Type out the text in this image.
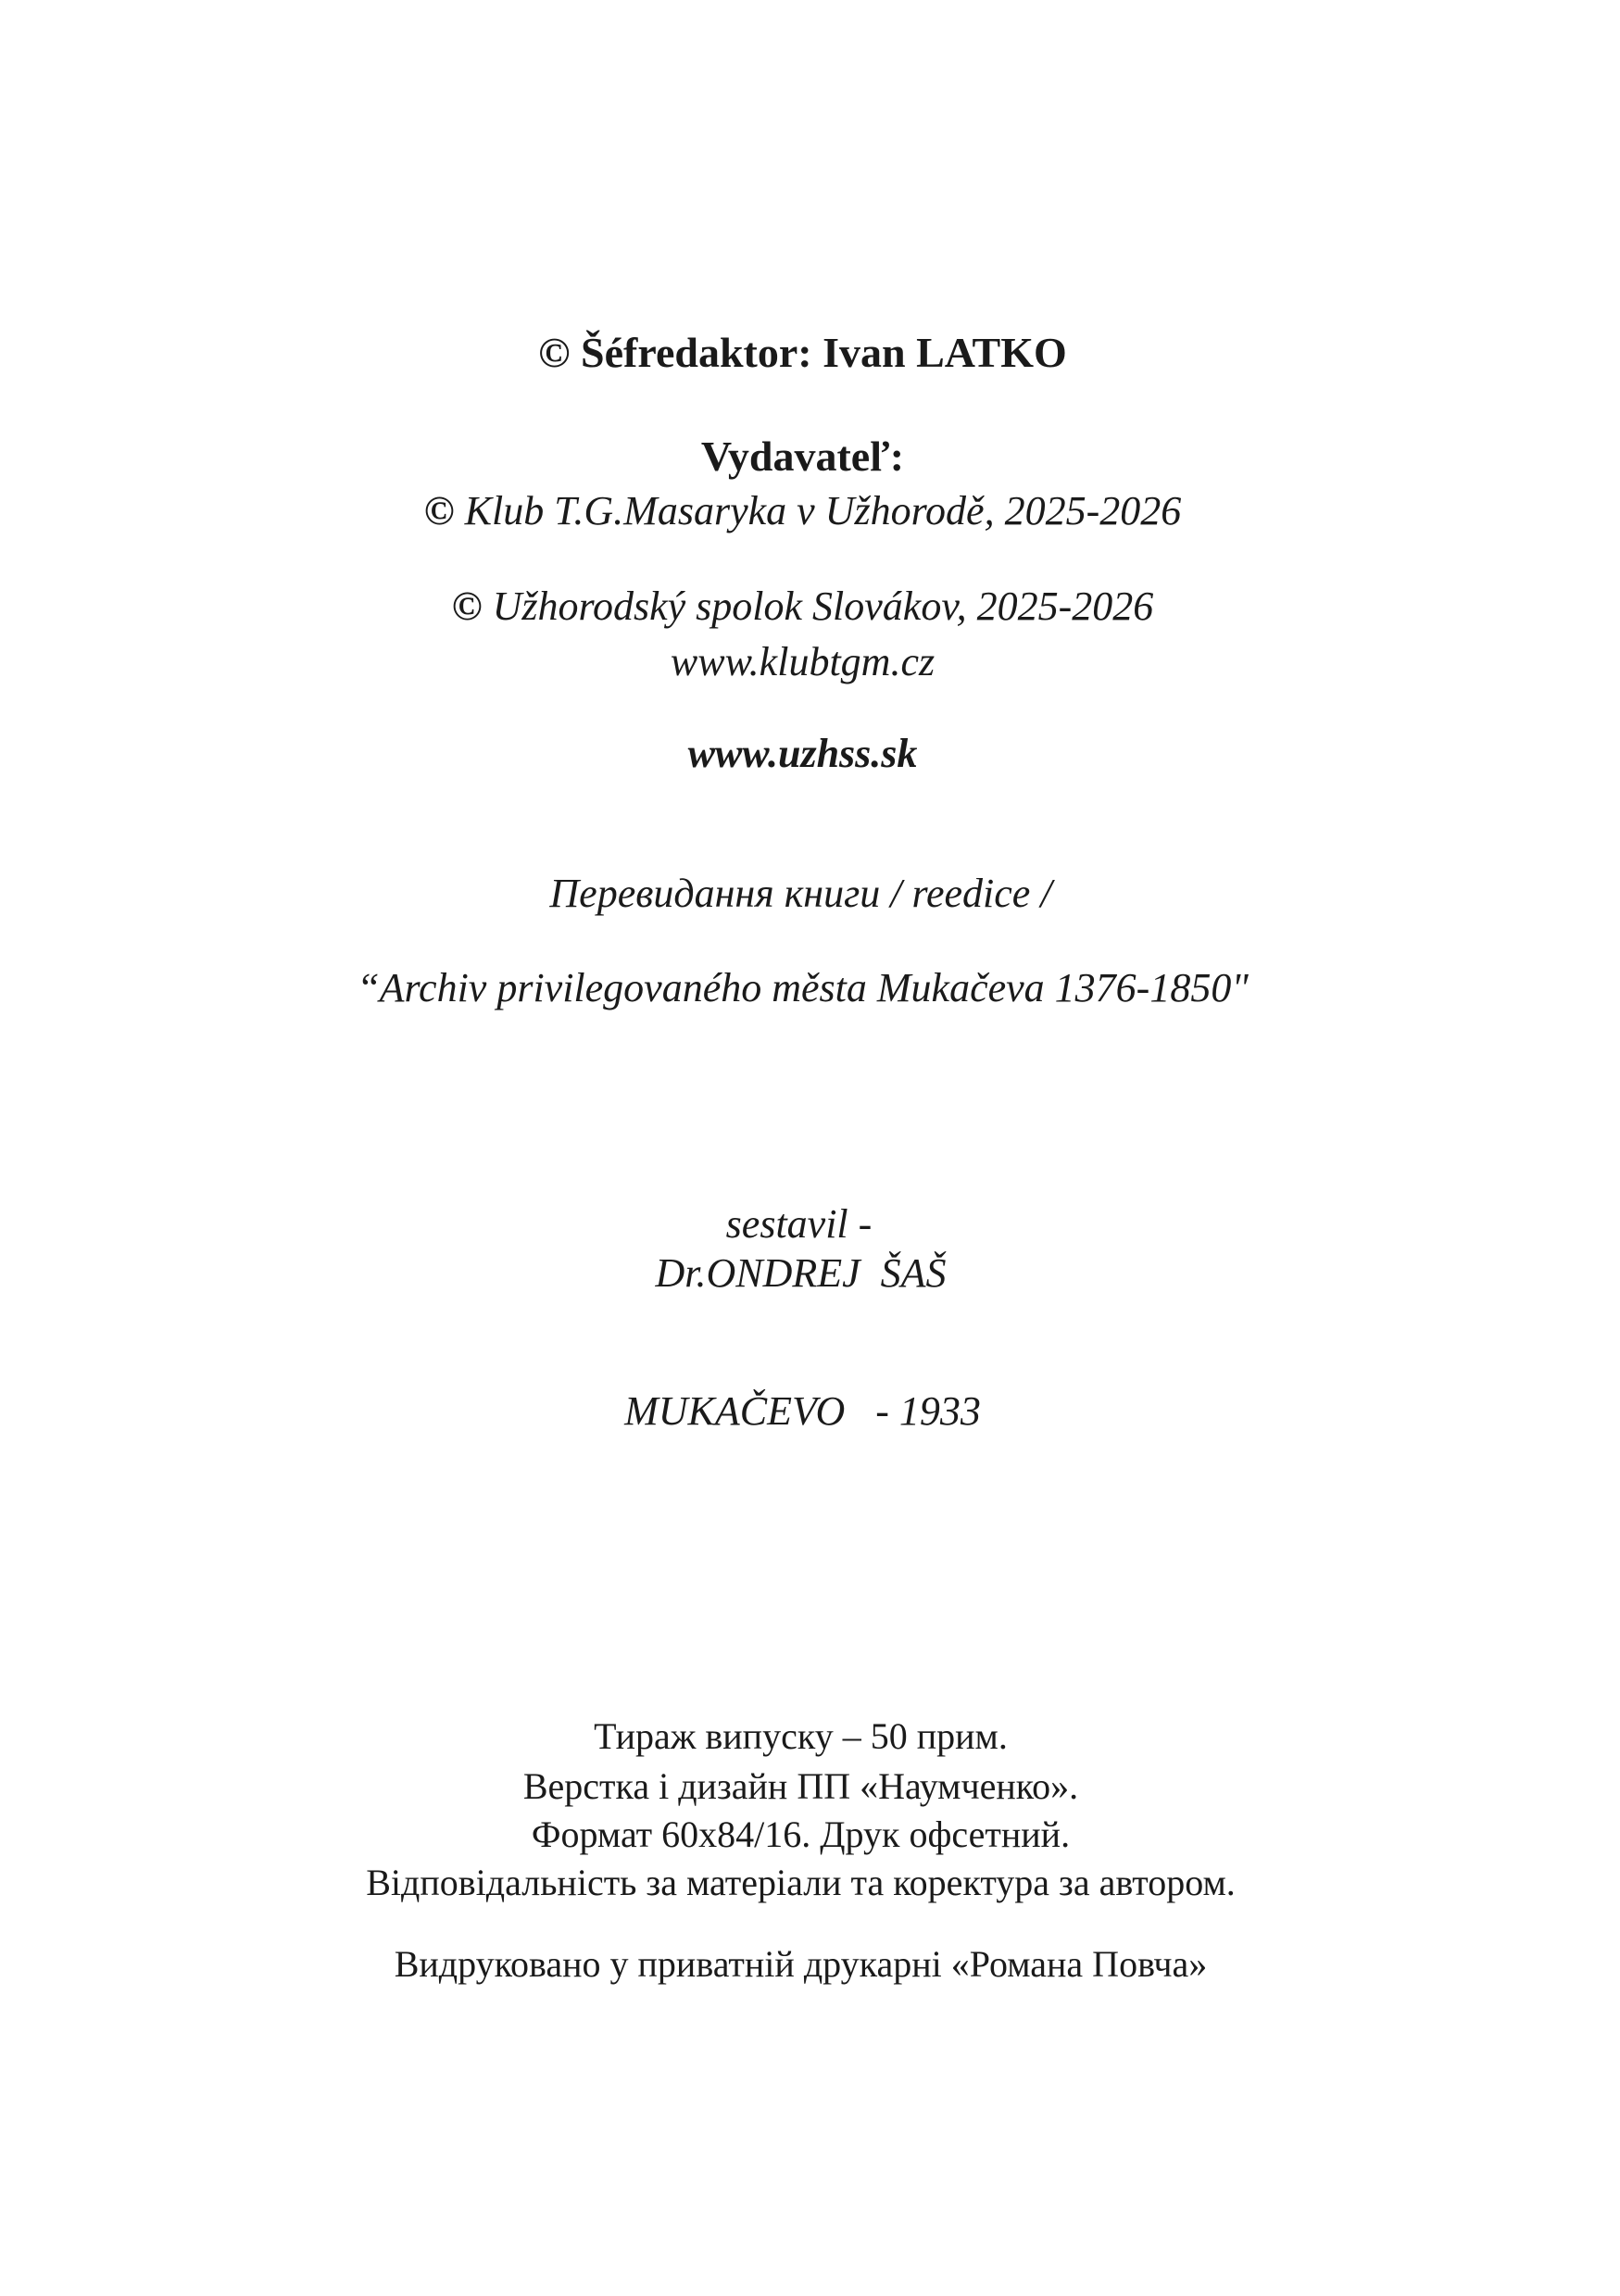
© Šéfredaktor: Ivan LATKO
Vydavateľ:
© Klub T.G.Masaryka v Užhorodě, 2025-2026
© Užhorodský spolok Slovákov, 2025-2026
www.klubtgm.cz
www.uzhss.sk
Перевидання книги / reedice /
“Archiv privilegovaného města Mukačeva 1376-1850"
sestavil -
Dr.ONDREJ  ŠAŠ
MUKAČEVO   - 1933
Тираж випуску – 50 прим.
Верстка і дизайн ПП «Наумченко».
Формат 60х84/16. Друк офсетний.
Відповідальність за матеріали та коректура за автором.
Видруковано у приватній друкарні «Романа Повча»
